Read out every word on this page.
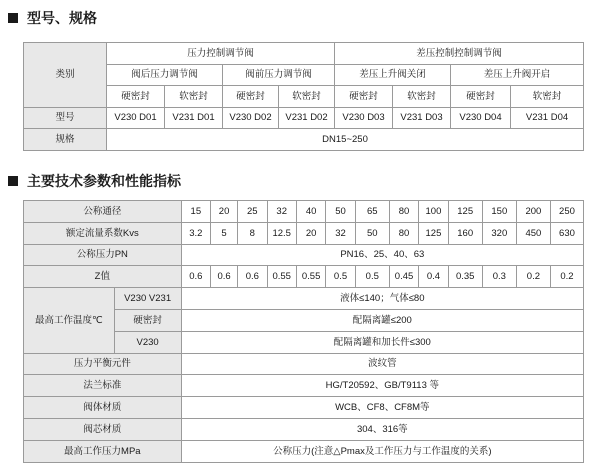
型号、规格
类别	压力控制调节阀				差压控制控制调节阀			
	阀后压力调节阀		阀前压力调节阀		差压上升阀关闭		差压上升阀开启	
	硬密封	软密封	硬密封	软密封	硬密封	软密封	硬密封	软密封
型号	V230 D01	V231 D01	V230 D02	V231 D02	V230 D03	V231 D03	V230 D04	V231 D04
规格	DN15~250							
主要技术参数和性能指标
公称通径		15	20	25	32	40	50	65	80	100	125	150	200	250
额定流量系数Kvs		3.2	5	8	12.5	20	32	50	80	125	160	320	450	630
公称压力PN		PN16、25、40、63												
Z值		0.6	0.6	0.6	0.55	0.55	0.5	0.5	0.45	0.4	0.35	0.3	0.2	0.2
最高工作温度℃	V230 V231	液体≤140；气体≤80												
	硬密封	配隔离罐≤200												
	V230	配隔离罐和加长件≤300												
压力平衡元件		波纹管												
法兰标准		HG/T20592、GB/T9113 等												
阀体材质		WCB、CF8、CF8M等												
阀芯材质		304、316等												
最高工作压力MPa		公称压力(注意△Pmax及工作压力与工作温度的关系)												
